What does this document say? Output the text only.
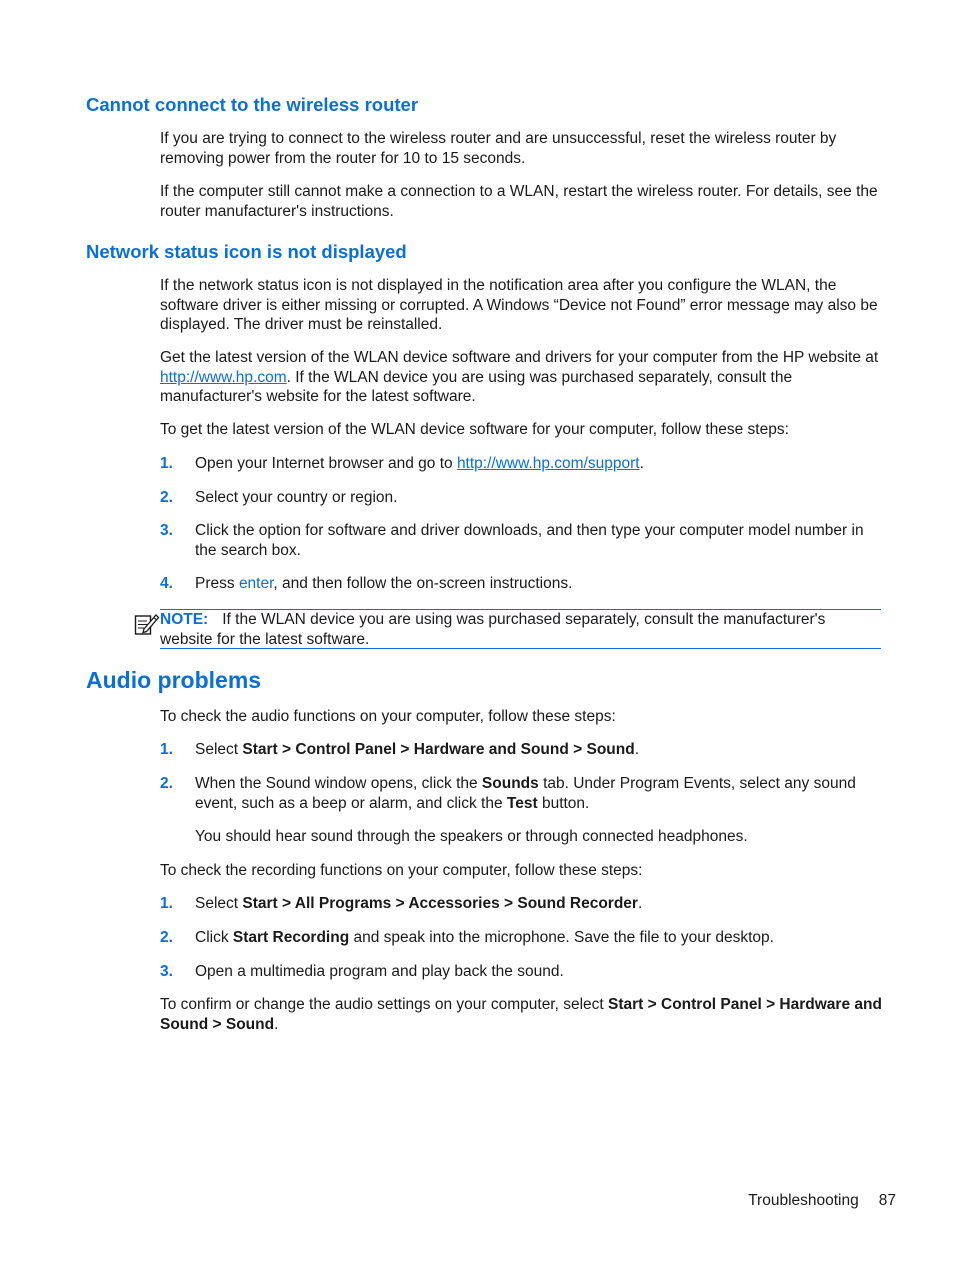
Cannot connect to the wireless router

If you are trying to connect to the wireless router and are unsuccessful, reset the wireless router by removing power from the router for 10 to 15 seconds.

If the computer still cannot make a connection to a WLAN, restart the wireless router. For details, see the router manufacturer's instructions.

Network status icon is not displayed

If the network status icon is not displayed in the notification area after you configure the WLAN, the software driver is either missing or corrupted. A Windows “Device not Found” error message may also be displayed. The driver must be reinstalled.

Get the latest version of the WLAN device software and drivers for your computer from the HP website at http://www.hp.com. If the WLAN device you are using was purchased separately, consult the manufacturer's website for the latest software.

To get the latest version of the WLAN device software for your computer, follow these steps:

1.	Open your Internet browser and go to http://www.hp.com/support.
2.	Select your country or region.
3.	Click the option for software and driver downloads, and then type your computer model number in the search box.
4.	Press enter, and then follow the on-screen instructions.
NOTE: If the WLAN device you are using was purchased separately, consult the manufacturer's website for the latest software.
Audio problems

To check the audio functions on your computer, follow these steps:

1.	Select Start > Control Panel > Hardware and Sound > Sound.
2.	When the Sound window opens, click the Sounds tab. Under Program Events, select any sound event, such as a beep or alarm, and click the Test button.

You should hear sound through the speakers or through connected headphones.

To check the recording functions on your computer, follow these steps:

1.	Select Start > All Programs > Accessories > Sound Recorder.
2.	Click Start Recording and speak into the microphone. Save the file to your desktop.
3.	Open a multimedia program and play back the sound.

To confirm or change the audio settings on your computer, select Start > Control Panel > Hardware and Sound > Sound.

Troubleshooting 87
